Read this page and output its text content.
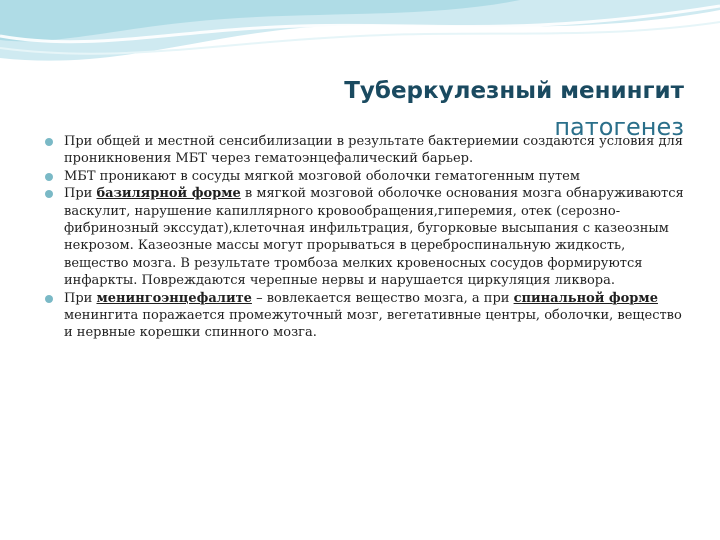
Туберкулезный менингит
патогенез
При общей и местной сенсибилизации в результате бактериемии создаются условия для проникновения МБТ через гематоэнцефалический барьер.
МБТ проникают в сосуды мягкой мозговой оболочки гематогенным путем
При базилярной форме в мягкой мозговой оболочке основания мозга обнаруживаются васкулит, нарушение капиллярного кровообращения,гиперемия, отек (серозно-фибринозный экссудат),клеточная инфильтрация, бугорковые высыпания с казеозным некрозом. Казеозные массы могут прорываться в цереброспинальную жидкость, вещество мозга. В результате тромбоза мелких кровеносных сосудов формируются инфаркты. Повреждаются черепные нервы и нарушается циркуляция ликвора.
При менингоэнцефалите – вовлекается вещество мозга, а при спинальной форме менингита поражается промежуточный мозг, вегетативные центры, оболочки, вещество и нервные корешки спинного мозга.
